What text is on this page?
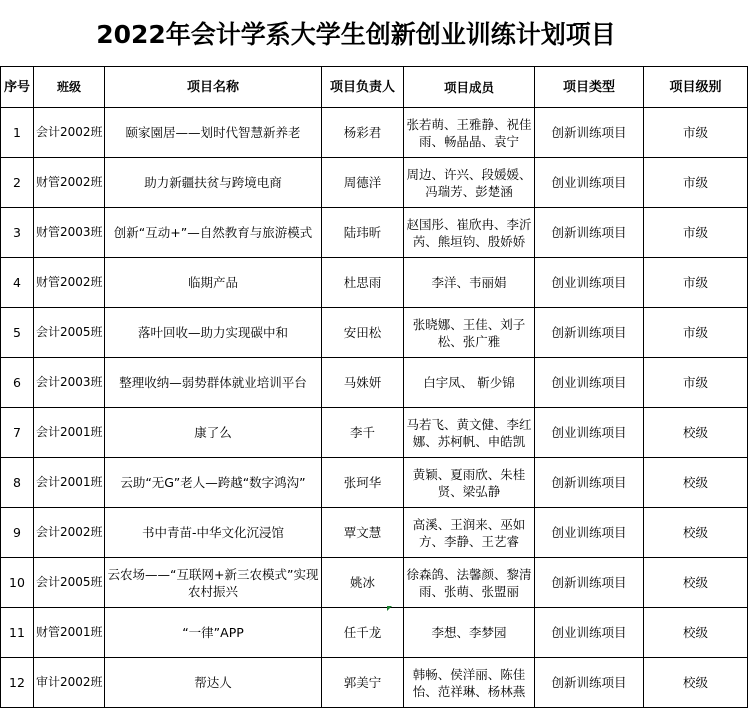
2022年会计学系大学生创新创业训练计划项目
序号	班级	项目名称	项目负责人	项目成员	项目类型	项目级别
1	会计2002班	颐家園居——划时代智慧新养老	杨彩君	张若萌、王雅静、祝佳雨、畅晶晶、袁宁	创新训练项目	市级
2	财管2002班	助力新疆扶贫与跨境电商	周德洋	周边、许兴、段媛媛、冯瑞芳、彭楚涵	创业训练项目	市级
3	财管2003班	创新“互动+”—自然教育与旅游模式	陆玮昕	赵国彤、崔欣冉、李沂芮、熊垣钧、殷娇娇	创新训练项目	市级
4	财管2002班	临期产品	杜思雨	李洋、韦丽娟	创业训练项目	市级
5	会计2005班	落叶回收—助力实现碳中和	安田松	张晓娜、王佳、刘子松、张广雅	创新训练项目	市级
6	会计2003班	整理收纳—弱势群体就业培训平台	马姝妍	白宇凤、 靳少锦	创业训练项目	市级
7	会计2001班	康了么	李千	马若飞、黄文健、李红娜、苏柯帆、申皓凯	创业训练项目	校级
8	会计2001班	云助“无G”老人—跨越“数字鸿沟”	张珂华	黄颖、夏雨欣、朱桂贤、梁弘静	创新训练项目	校级
9	会计2002班	书中青苗-中华文化沉浸馆	覃文慧	高溪、王润来、巫如方、李静、王艺睿	创业训练项目	校级
10	会计2005班	云农场——“互联网+新三农模式”实现农村振兴	姚冰	徐森鸽、法馨颜、黎清雨、张萌、张盟丽	创新训练项目	校级
11	财管2001班	“一律”APP	任千龙	李想、李梦园	创业训练项目	校级
12	审计2002班	帮达人	郭美宁	韩畅、侯洋丽、陈佳怡、范祥琳、杨林燕	创新训练项目	校级
